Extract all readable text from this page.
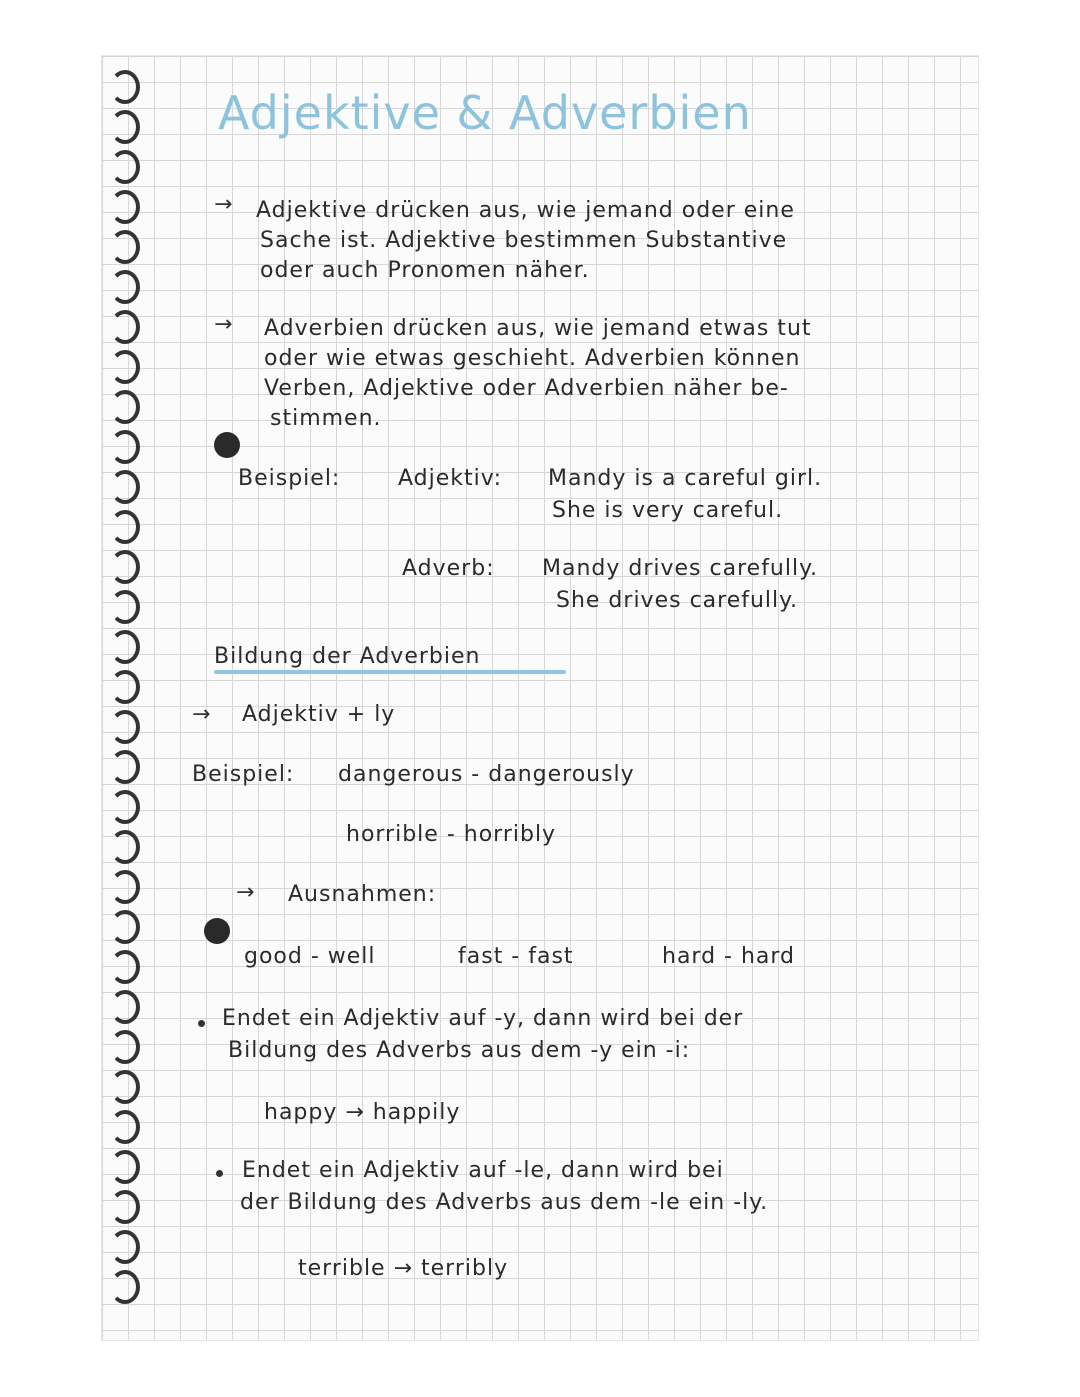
Adjektive & Adverbien
→ Adjektive drücken aus, wie jemand oder eine
Sache ist. Adjektive bestimmen Substantive
oder auch Pronomen näher.
→ Adverbien drücken aus, wie jemand etwas tut
oder wie etwas geschieht. Adverbien können
Verben, Adjektive oder Adverbien näher be-
stimmen.
Beispiel:	Adjektiv: Mandy is a careful girl.
She is very careful.
Adverb: Mandy drives carefully.
She drives carefully.
Bildung der Adverbien
→ Adjektiv + ly
Beispiel: dangerous - dangerously
horrible - horribly
→ Ausnahmen:
good - well	fast - fast	hard - hard
Endet ein Adjektiv auf -y, dann wird bei der
Bildung des Adverbs aus dem -y ein -i:
happy → happily
Endet ein Adjektiv auf -le, dann wird bei
der Bildung des Adverbs aus dem -le ein -ly.
terrible → terribly
